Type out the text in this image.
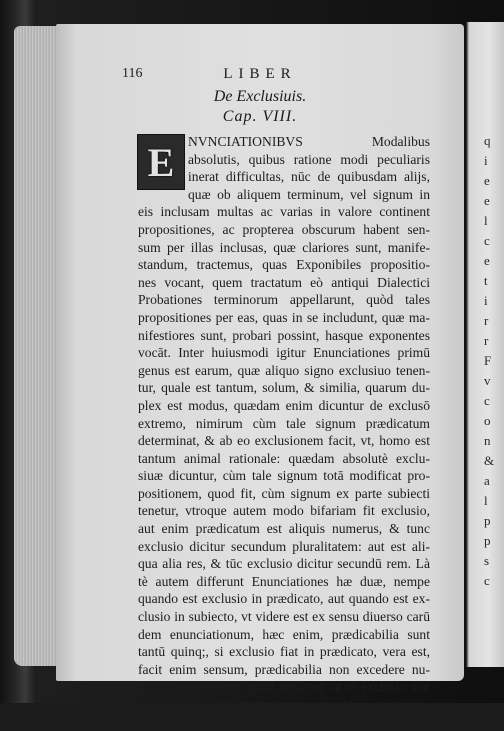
q
i
e
e
l
c
e
t
i
r
r
F
v
c
o
n
&
a
l
p
p
s
c
116	LIBER
De Exclusiuis.
Cap. VIII.
NVNCIATIONIBVS Modalibus
absolutis, quibus ratione modi peculiaris
inerat difficultas, nūc de quibusdam alijs,
quæ ob aliquem terminum, vel signum in
eis inclusam multas ac varias in valore continent
propositiones, ac propterea obscurum habent sen-
sum per illas inclusas, quæ clariores sunt, manife-
standum, tractemus, quas Exponibiles propositio-
nes vocant, quem tractatum eò antiqui Dialectici
Probationes terminorum appellarunt, quòd tales
propositiones per eas, quas in se includunt, quæ ma-
nifestiores sunt, probari possint, hasque exponentes
vocāt. Inter huiusmodi igitur Enunciationes primū
genus est earum, quæ aliquo signo exclusiuo tenen-
tur, quale est tantum, solum, & similia, quarum du-
plex est modus, quædam enim dicuntur de exclusō
extremo, nimirum cùm tale signum prædicatum
determinat, & ab eo exclusionem facit, vt, homo est
tantum animal rationale: quædam absolutè exclu-
siuæ dicuntur, cùm tale signum totā modificat pro-
positionem, quod fit, cùm signum ex parte subiecti
tenetur, vtroque autem modo bifariam fit exclusio,
aut enim prædicatum est aliquis numerus, & tunc
exclusio dicitur secundum pluralitatem: aut est ali-
qua alia res, & tūc exclusio dicitur secundū rem. Là
tè autem differunt Enunciationes hæ duæ, nempe
quando est exclusio in prædicato, aut quando est ex-
clusio in subiecto, vt videre est ex sensu diuerso carū
dem enunciationum, hæc enim, prædicabilia sunt
tantū quinq;, si exclusio fiat in prædicato, vera est,
facit enim sensum, prædicabilia non excedere nu-
merum quinarium, quod verū est. at si exclusio fiat
in subiecto, scilicet, tantùm prædicabilia sunt quin-
que.
E
